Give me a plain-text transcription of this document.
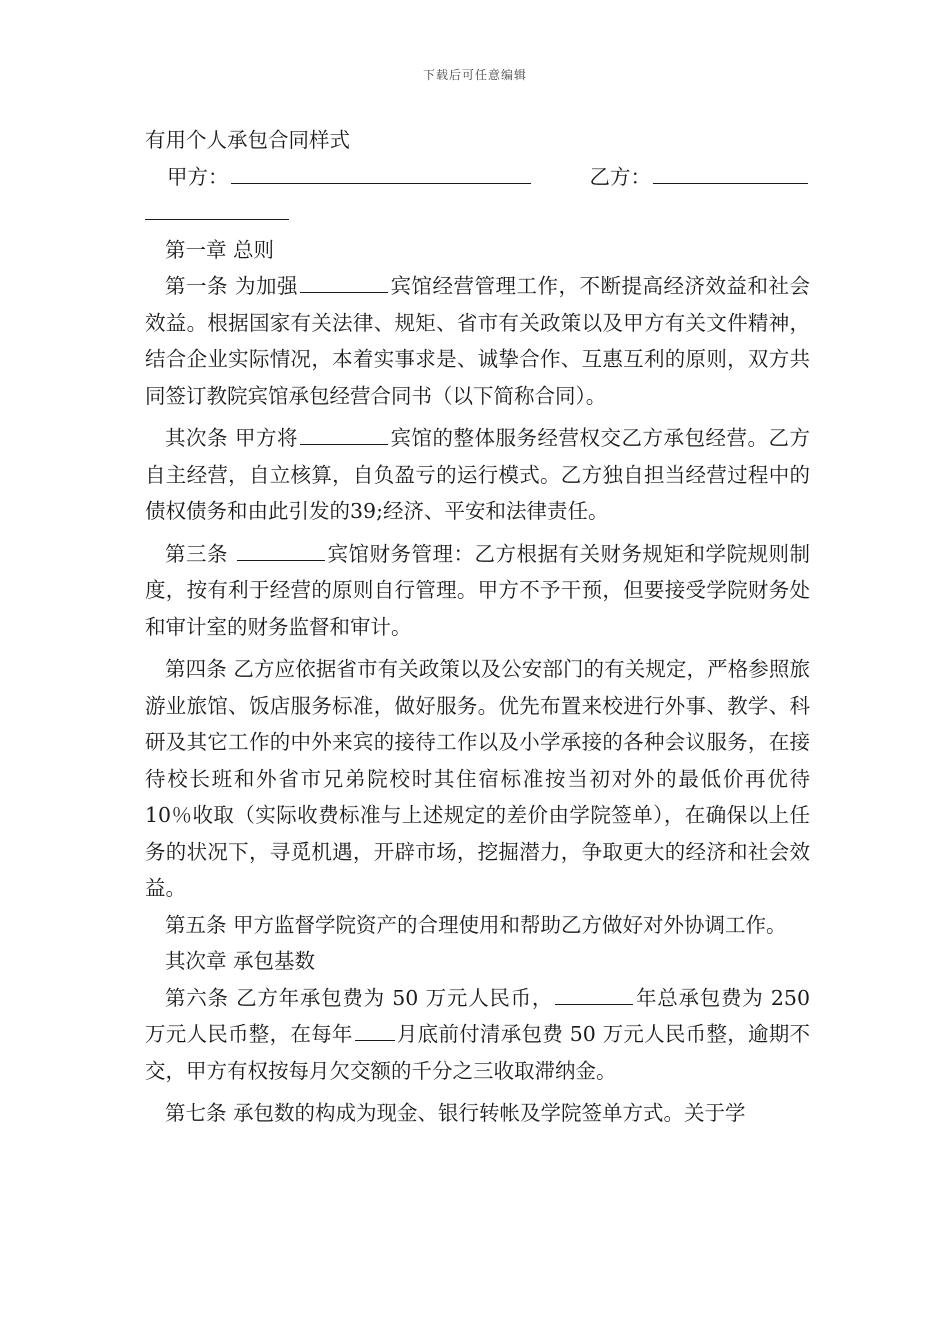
下载后可任意编辑

有用个人承包合同样式

甲方：	乙方：

第一章 总则

第一条 为加强	宾馆经营管理工作，不断提高经济效益和社会效益。根据国家有关法律、规矩、省市有关政策以及甲方有关文件精神，结合企业实际情况，本着实事求是、诚挚合作、互惠互利的原则，双方共同签订教院宾馆承包经营合同书（以下简称合同）。

其次条 甲方将	宾馆的整体服务经营权交乙方承包经营。乙方自主经营，自立核算，自负盈亏的运行模式。乙方独自担当经营过程中的债权债务和由此引发的39;经济、平安和法律责任。

第三条	宾馆财务管理：乙方根据有关财务规矩和学院规则制度，按有利于经营的原则自行管理。甲方不予干预，但要接受学院财务处和审计室的财务监督和审计。

第四条 乙方应依据省市有关政策以及公安部门的有关规定，严格参照旅游业旅馆、饭店服务标准，做好服务。优先布置来校进行外事、教学、科研及其它工作的中外来宾的接待工作以及小学承接的各种会议服务，在接待校长班和外省市兄弟院校时其住宿标准按当初对外的最低价再优待 10％收取（实际收费标准与上述规定的差价由学院签单），在确保以上任务的状况下，寻觅机遇，开辟市场，挖掘潜力，争取更大的经济和社会效益。

第五条 甲方监督学院资产的合理使用和帮助乙方做好对外协调工作。

其次章 承包基数

第六条 乙方年承包费为 50 万元人民币，	年总承包费为 250 万元人民币整，在每年 月底前付清承包费 50 万元人民币整，逾期不交，甲方有权按每月欠交额的千分之三收取滞纳金。

第七条 承包数的构成为现金、银行转帐及学院签单方式。关于学
